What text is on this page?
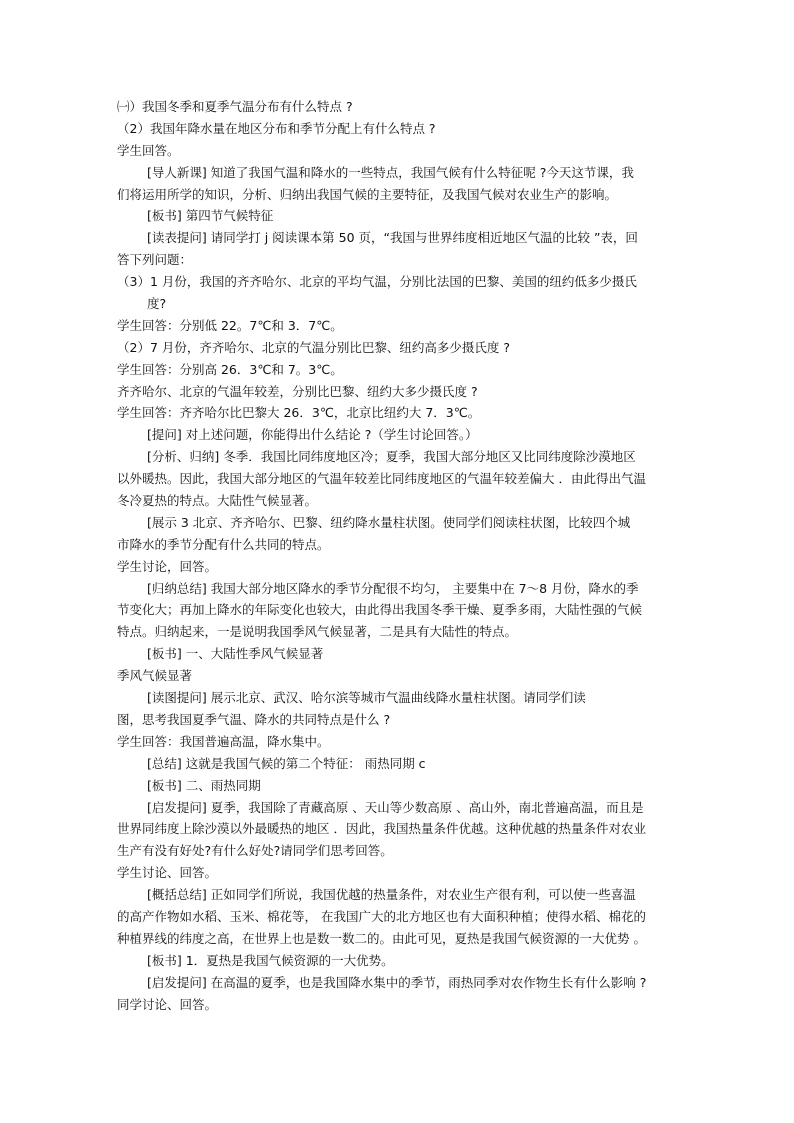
㈠）我国冬季和夏季气温分布有什么特点 ?
（2）我国年降水量在地区分布和季节分配上有什么特点 ?
学生回答。
[导人新课] 知道了我国气温和降水的一些特点，我国气候有什么特征呢 ?今天这节课，我
们将运用所学的知识，分析、归纳出我国气候的主要特征，及我国气候对农业生产的影响。
[板书] 第四节气候特征
[读表提问] 请同学打 j 阅读课本第 50 页，“我国与世界纬度相近地区气温的比较 ”表，回
答下列问题：
（3）1 月份，我国的齐齐哈尔、北京的平均气温，分别比法国的巴黎、美国的纽约低多少摄氏
度?
学生回答：分别低 22。7℃和 3．7℃。
（2）7 月份，齐齐哈尔、北京的气温分别比巴黎、纽约高多少摄氏度 ?
学生回答：分别高 26．3℃和 7。3℃。
齐齐哈尔、北京的气温年较差，分别比巴黎、纽约大多少摄氏度 ?
学生回答：齐齐哈尔比巴黎大 26．3℃，北京比纽约大 7．3℃。
[提问] 对上述问题，你能得出什么结论 ?（学生讨论回答。）
[分析、归纳] 冬季．我国比同纬度地区冷；夏季，我国大部分地区又比同纬度除沙漠地区
以外暖热。因此，我国大部分地区的气温年较差比同纬度地区的气温年较差偏大 ．由此得出气温
冬冷夏热的特点。大陆性气候显著。
[展示 3 北京、齐齐哈尔、巴黎、纽约降水量柱状图。使同学们阅读柱状图，比较四个城
市降水的季节分配有什么共同的特点。
学生讨论，回答。
[归纳总结] 我国大部分地区降水的季节分配很不均匀， 主要集中在 7～8 月份，降水的季
节变化大；再加上降水的年际变化也较大，由此得出我国冬季干燥、夏季多雨，大陆性强的气候
特点。归纳起来，一是说明我国季风气候显著，二是具有大陆性的特点。
[板书] 一、大陆性季风气候显著
季风气候显著
[读图提问] 展示北京、武汉、哈尔滨等城市气温曲线降水量柱状图。请同学们读
图，思考我国夏季气温、降水的共同特点是什么 ?
学生回答：我国普遍高温，降水集中。
[总结] 这就是我国气候的第二个特征： 雨热同期 c
[板书] 二、雨热同期
[启发提问] 夏季，我国除了青藏高原 、天山等少数高原 、高山外，南北普遍高温，而且是
世界同纬度上除沙漠以外最暖热的地区 ．因此，我国热量条件优越。这种优越的热量条件对农业
生产有没有好处?有什么好处?请同学们思考回答。
学生讨论、回答。
[概括总结] 正如同学们所说，我国优越的热量条件，对农业生产很有利，可以使一些喜温
的高产作物如水稻、玉米、棉花等， 在我国广大的北方地区也有大面积种植；使得水稻、棉花的
种植界线的纬度之高，在世界上也是数一数二的。由此可见，夏热是我国气候资源的一大优势 。
[板书] 1．夏热是我国气候资源的一大优势。
[启发提问] 在高温的夏季，也是我国降水集中的季节，雨热同季对农作物生长有什么影响 ?
同学讨论、回答。
